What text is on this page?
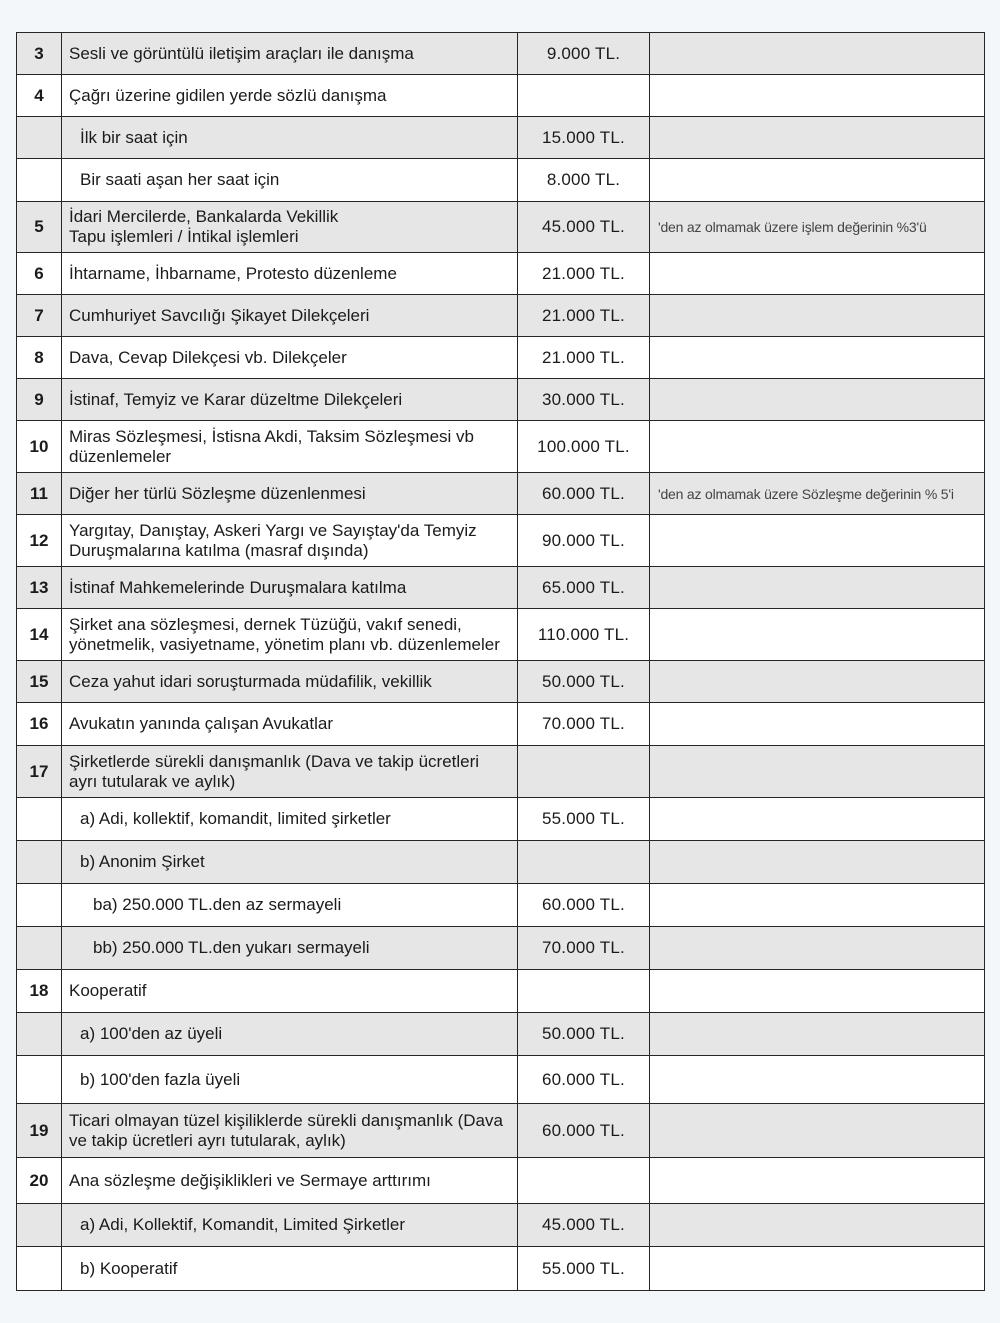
3	Sesli ve görüntülü iletişim araçları ile danışma	9.000 TL.	
4	Çağrı üzerine gidilen yerde sözlü danışma		
	İlk bir saat için	15.000 TL.	
	Bir saati aşan her saat için	8.000 TL.	
5	İdari Mercilerde, Bankalarda Vekillik
Tapu işlemleri / İntikal işlemleri	45.000 TL.	'den az olmamak üzere işlem değerinin %3'ü
6	İhtarname, İhbarname, Protesto düzenleme	21.000 TL.	
7	Cumhuriyet Savcılığı Şikayet Dilekçeleri	21.000 TL.	
8	Dava, Cevap Dilekçesi vb. Dilekçeler	21.000 TL.	
9	İstinaf, Temyiz ve Karar düzeltme Dilekçeleri	30.000 TL.	
10	Miras Sözleşmesi, İstisna Akdi, Taksim Sözleşmesi vb
düzenlemeler	100.000 TL.	
11	Diğer her türlü Sözleşme düzenlenmesi	60.000 TL.	'den az olmamak üzere Sözleşme değerinin % 5'i
12	Yargıtay, Danıştay, Askeri Yargı ve Sayıştay'da Temyiz
Duruşmalarına katılma (masraf dışında)	90.000 TL.	
13	İstinaf Mahkemelerinde Duruşmalara katılma	65.000 TL.	
14	Şirket ana sözleşmesi, dernek Tüzüğü, vakıf senedi,
yönetmelik, vasiyetname, yönetim planı vb. düzenlemeler	110.000 TL.	
15	Ceza yahut idari soruşturmada müdafilik, vekillik	50.000 TL.	
16	Avukatın yanında çalışan Avukatlar	70.000 TL.	
17	Şirketlerde sürekli danışmanlık (Dava ve takip ücretleri
ayrı tutularak ve aylık)		
	a) Adi, kollektif, komandit, limited şirketler	55.000 TL.	
	b) Anonim Şirket		
	ba) 250.000 TL.den az sermayeli	60.000 TL.	
	bb) 250.000 TL.den yukarı sermayeli	70.000 TL.	
18	Kooperatif		
	a) 100'den az üyeli	50.000 TL.	
	b) 100'den fazla üyeli	60.000 TL.	
19	Ticari olmayan tüzel kişiliklerde sürekli danışmanlık (Dava
ve takip ücretleri ayrı tutularak, aylık)	60.000 TL.	
20	Ana sözleşme değişiklikleri ve Sermaye arttırımı		
	a) Adi, Kollektif, Komandit, Limited Şirketler	45.000 TL.	
	b) Kooperatif	55.000 TL.	
